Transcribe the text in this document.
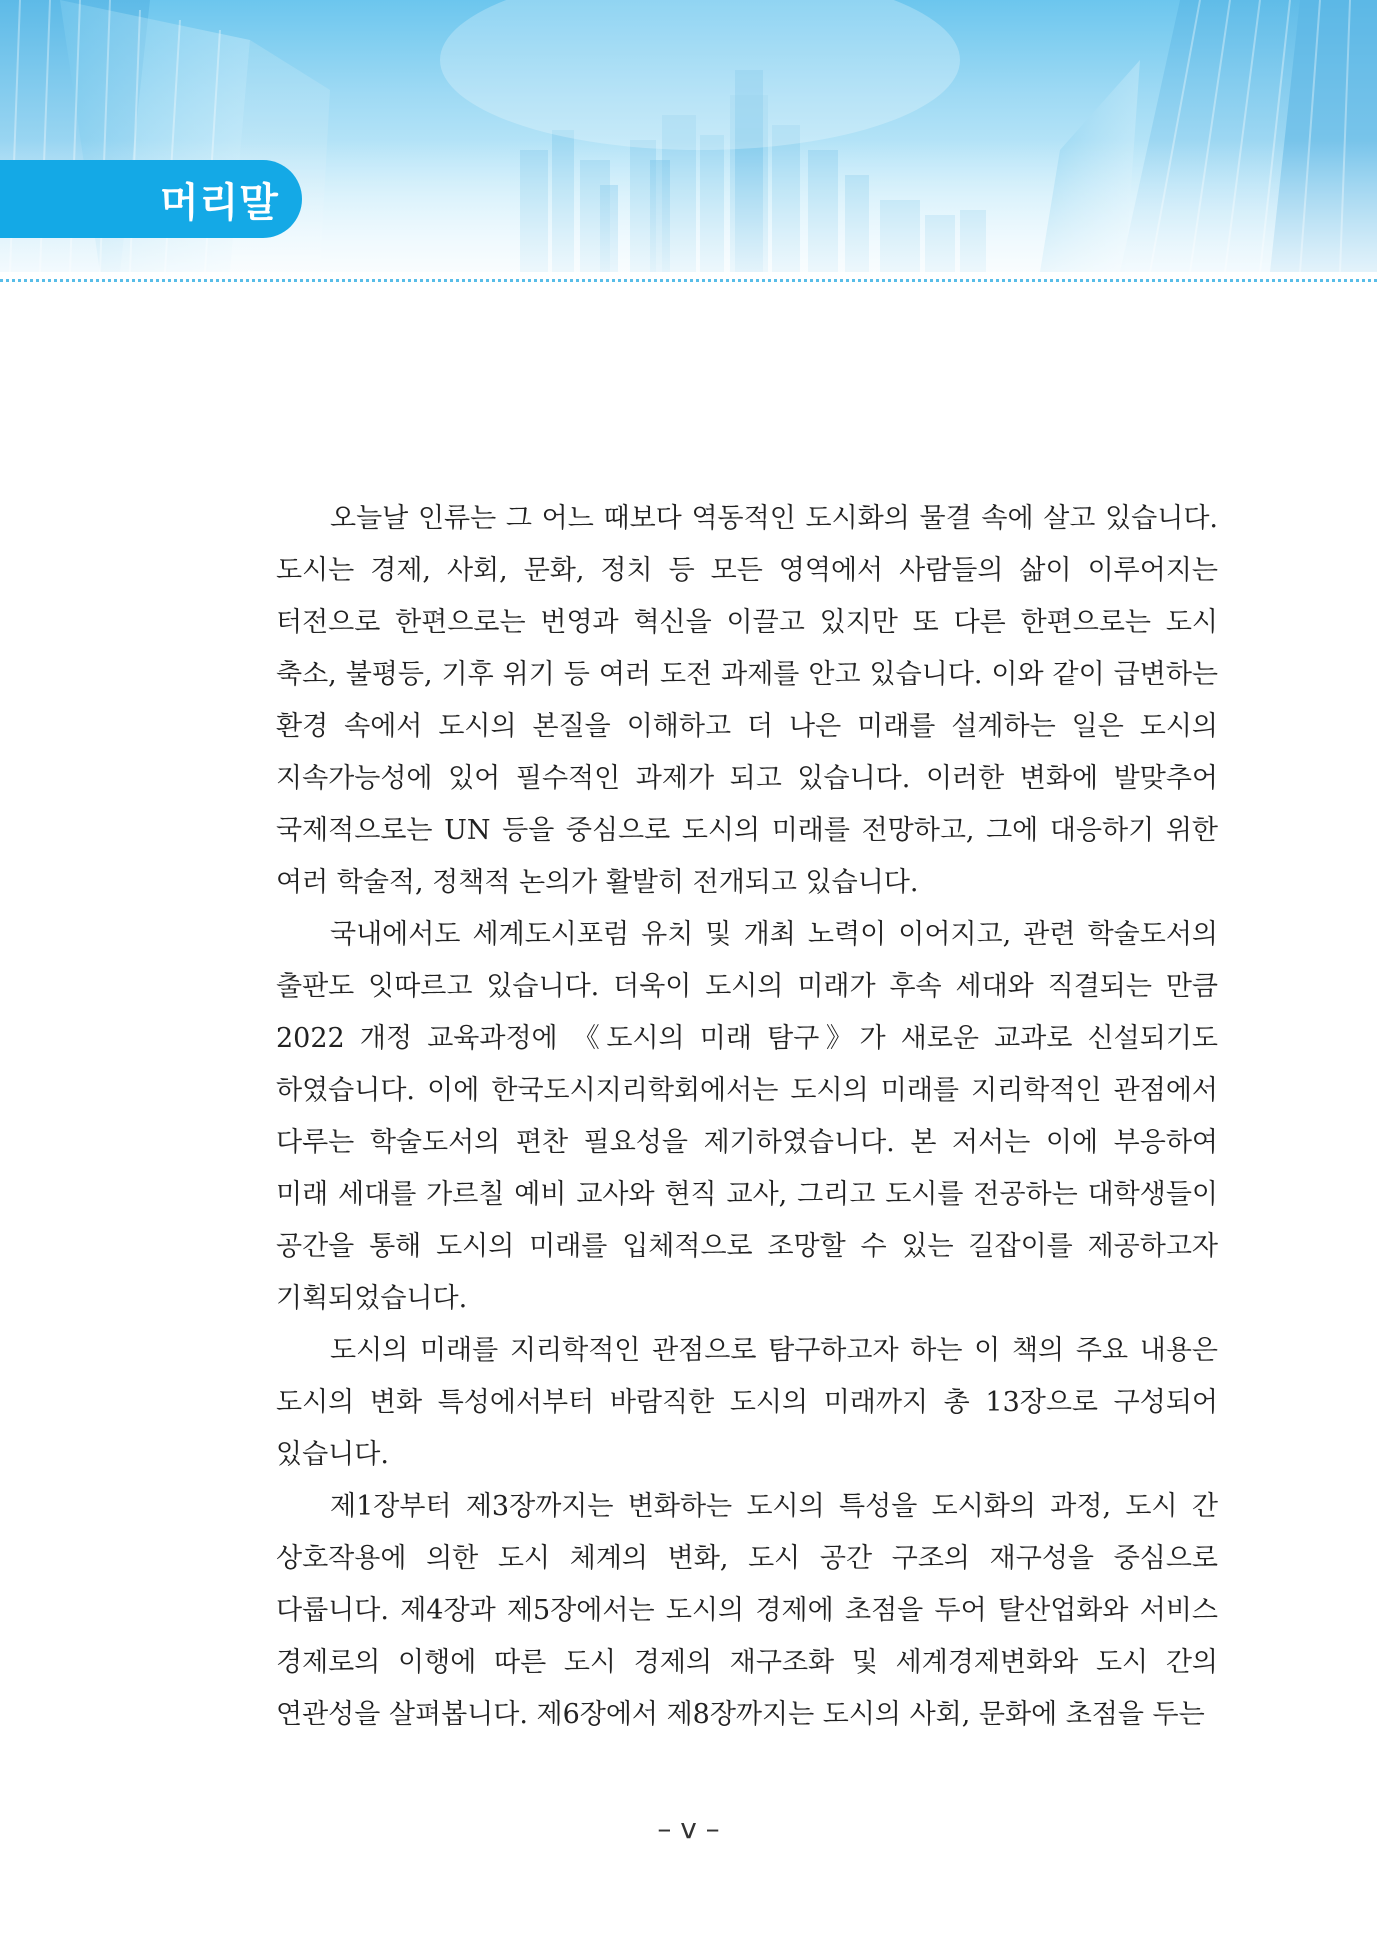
머리말

오늘날 인류는 그 어느 때보다 역동적인 도시화의 물결 속에 살고 있습니다. 도시는 경제, 사회, 문화, 정치 등 모든 영역에서 사람들의 삶이 이루어지는 터전으로 한편으로는 번영과 혁신을 이끌고 있지만 또 다른 한편으로는 도시 축소, 불평등, 기후 위기 등 여러 도전 과제를 안고 있습니다. 이와 같이 급변하는 환경 속에서 도시의 본질을 이해하고 더 나은 미래를 설계하는 일은 도시의 지속가능성에 있어 필수적인 과제가 되고 있습니다. 이러한 변화에 발맞추어 국제적으로는 UN 등을 중심으로 도시의 미래를 전망하고, 그에 대응하기 위한 여러 학술적, 정책적 논의가 활발히 전개되고 있습니다.

국내에서도 세계도시포럼 유치 및 개최 노력이 이어지고, 관련 학술도서의 출판도 잇따르고 있습니다. 더욱이 도시의 미래가 후속 세대와 직결되는 만큼 2022 개정 교육과정에 《도시의 미래 탐구》가 새로운 교과로 신설되기도 하였습니다. 이에 한국도시지리학회에서는 도시의 미래를 지리학적인 관점에서 다루는 학술도서의 편찬 필요성을 제기하였습니다. 본 저서는 이에 부응하여 미래 세대를 가르칠 예비 교사와 현직 교사, 그리고 도시를 전공하는 대학생들이 공간을 통해 도시의 미래를 입체적으로 조망할 수 있는 길잡이를 제공하고자 기획되었습니다.

도시의 미래를 지리학적인 관점으로 탐구하고자 하는 이 책의 주요 내용은 도시의 변화 특성에서부터 바람직한 도시의 미래까지 총 13장으로 구성되어 있습니다.

제1장부터 제3장까지는 변화하는 도시의 특성을 도시화의 과정, 도시 간 상호작용에 의한 도시 체계의 변화, 도시 공간 구조의 재구성을 중심으로 다룹니다. 제4장과 제5장에서는 도시의 경제에 초점을 두어 탈산업화와 서비스 경제로의 이행에 따른 도시 경제의 재구조화 및 세계경제변화와 도시 간의 연관성을 살펴봅니다. 제6장에서 제8장까지는 도시의 사회, 문화에 초점을 두는

– v –
